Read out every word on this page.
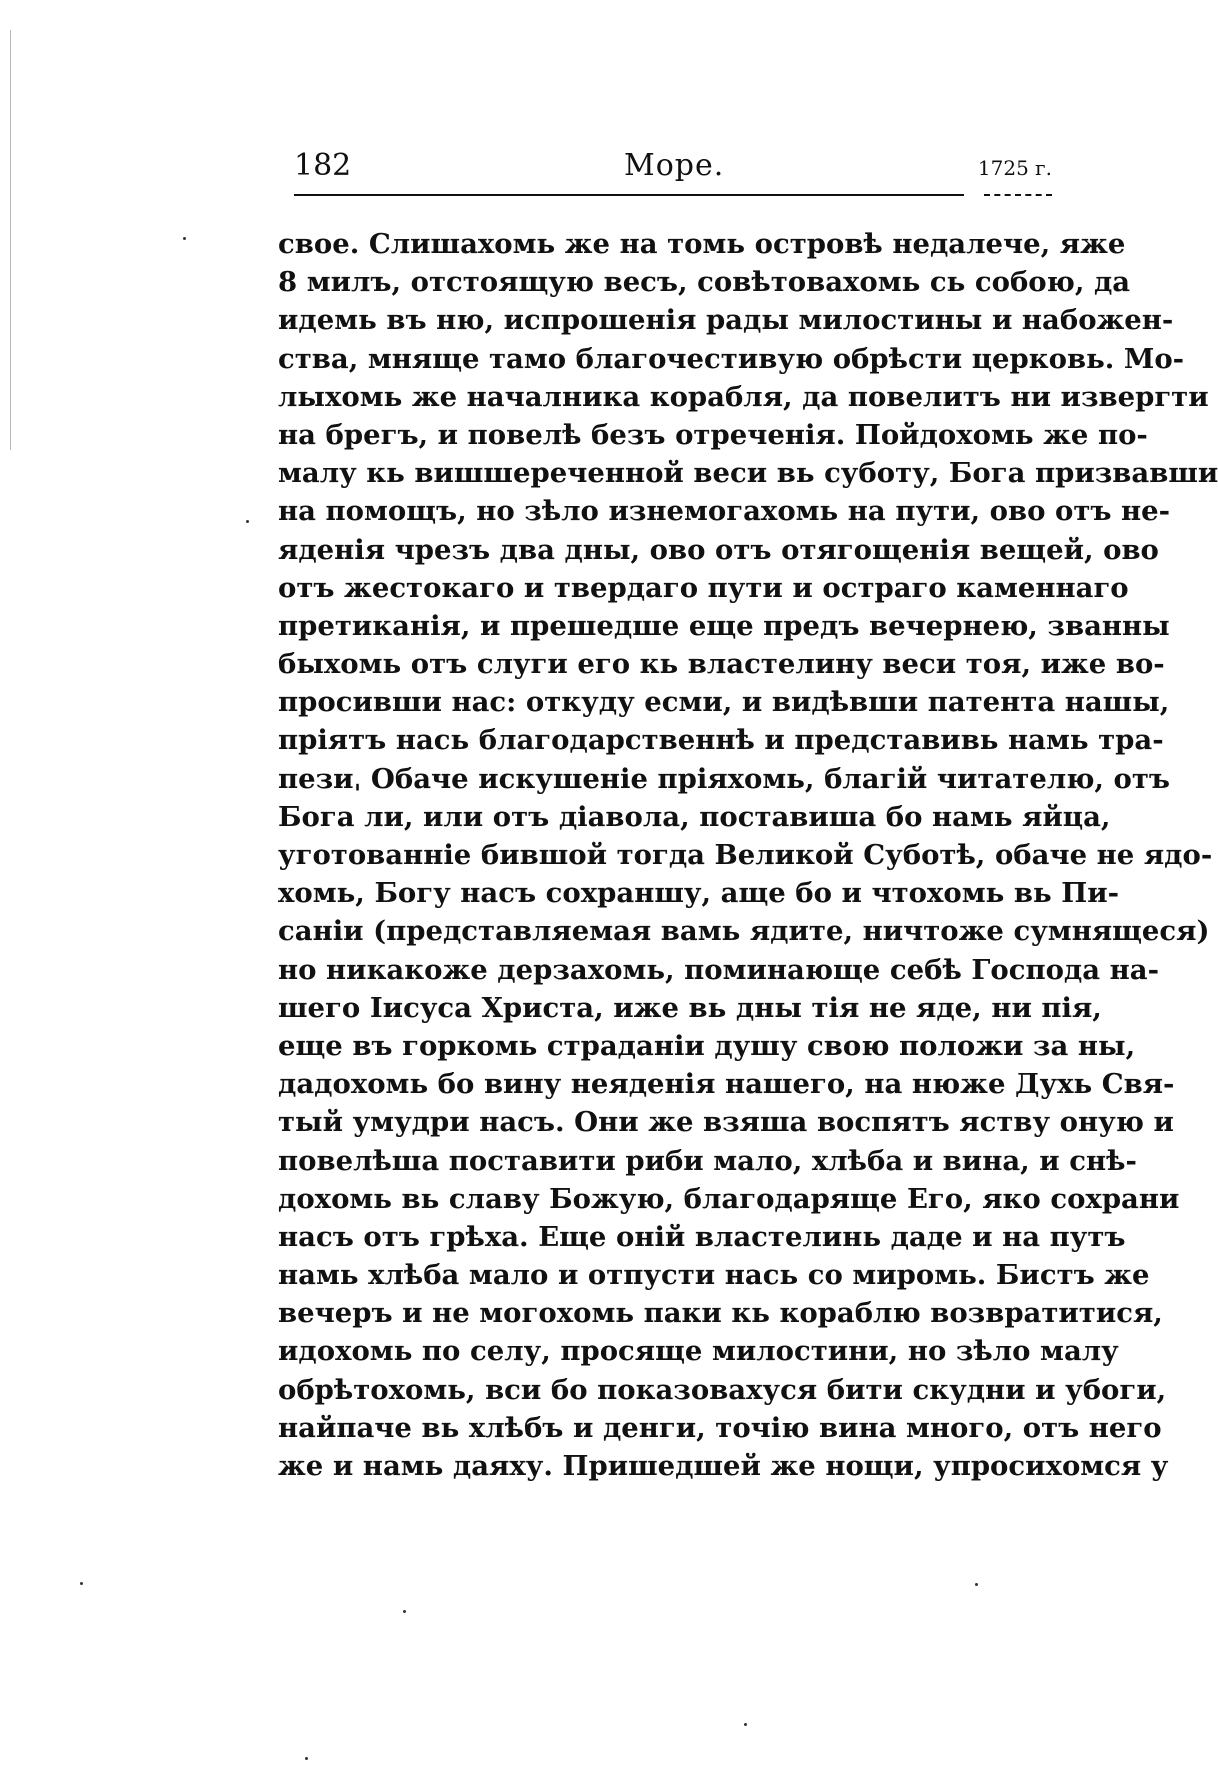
182	Море.	1725 г.
свое. Слишахомь же на томь островѣ недалече, яже
8 милъ, отстоящую весъ, совѣтовахомь сь собою, да
идемь въ ню, испрошенія рады милостины и набожен-
ства, мняще тамо благочестивую обрѣсти церковь. Мо-
лыхомь же началника корабля, да повелитъ ни извергти
на брегъ, и повелѣ безъ отреченія. Пойдохомь же по-
малу кь вишшереченной веси вь суботу, Бога призвавши
на помощъ, но зѣло изнемогахомь на пути, ово отъ не-
яденія чрезъ два дны, ово отъ отягощенія вещей, ово
отъ жестокаго и твердаго пути и остраго каменнаго
претиканія, и прешедше еще предъ вечернею, званны
быхомь отъ слуги его кь властелину веси тоя, иже во-
просивши нас: откуду есми, и видѣвши патента нашы,
пріятъ нась благодарственнѣ и представивь намь тра-
пезиˌ Обаче искушеніе пріяхомь, благій читателю, отъ
Бога ли, или отъ діавола, поставиша бо намь яйца,
уготованніе бившой тогда Великой Суботѣ, обаче не ядо-
хомь, Богу насъ сохраншу, аще бо и чтохомь вь Пи-
саніи (представляемая вамь ядите, ничтоже сумнящеся)
но никакоже дерзахомь, поминающе себѣ Господа на-
шего Іисуса Христа, иже вь дны тія не яде, ни пія,
еще въ горкомь страданіи душу свою положи за ны,
дадохомь бо вину неяденія нашего, на нюже Духь Свя-
тый умудри насъ. Они же взяша воспятъ яству оную и
повелѣша поставити риби мало, хлѣба и вина, и снѣ-
дохомь вь славу Божую, благодаряще Его, яко сохрани
насъ отъ грѣха. Еще оній властелинь даде и на путъ
намь хлѣба мало и отпусти нась со миромь. Бистъ же
вечеръ и не могохомь паки кь кораблю возвратитися,
идохомь по селу, просяще милостини, но зѣло малу
обрѣтохомь, вси бо показовахуся бити скудни и убоги,
найпаче вь хлѣбъ и денги, точію вина много, отъ него
же и намь даяху. Пришедшей же нощи, упросихомся у
